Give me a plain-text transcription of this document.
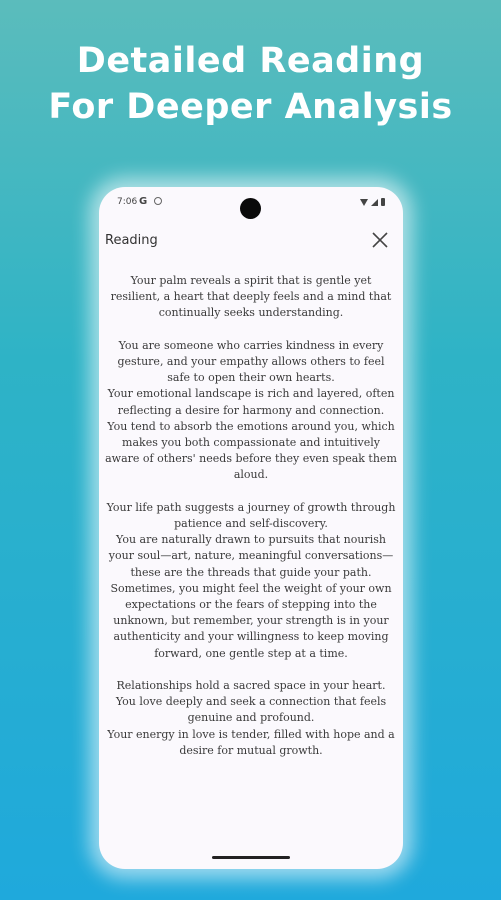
Detailed Reading
For Deeper Analysis
7:06 G
Reading

Your palm reveals a spirit that is gentle yet resilient, a heart that deeply feels and a mind that continually seeks understanding.

You are someone who carries kindness in every gesture, and your empathy allows others to feel safe to open their own hearts.

Your emotional landscape is rich and layered, often reflecting a desire for harmony and connection.

You tend to absorb the emotions around you, which makes you both compassionate and intuitively aware of others' needs before they even speak them aloud.

Your life path suggests a journey of growth through patience and self-discovery.

You are naturally drawn to pursuits that nourish your soul—art, nature, meaningful conversations—these are the threads that guide your path.

Sometimes, you might feel the weight of your own expectations or the fears of stepping into the unknown, but remember, your strength is in your authenticity and your willingness to keep moving forward, one gentle step at a time.

Relationships hold a sacred space in your heart.

You love deeply and seek a connection that feels genuine and profound.

Your energy in love is tender, filled with hope and a desire for mutual growth.
